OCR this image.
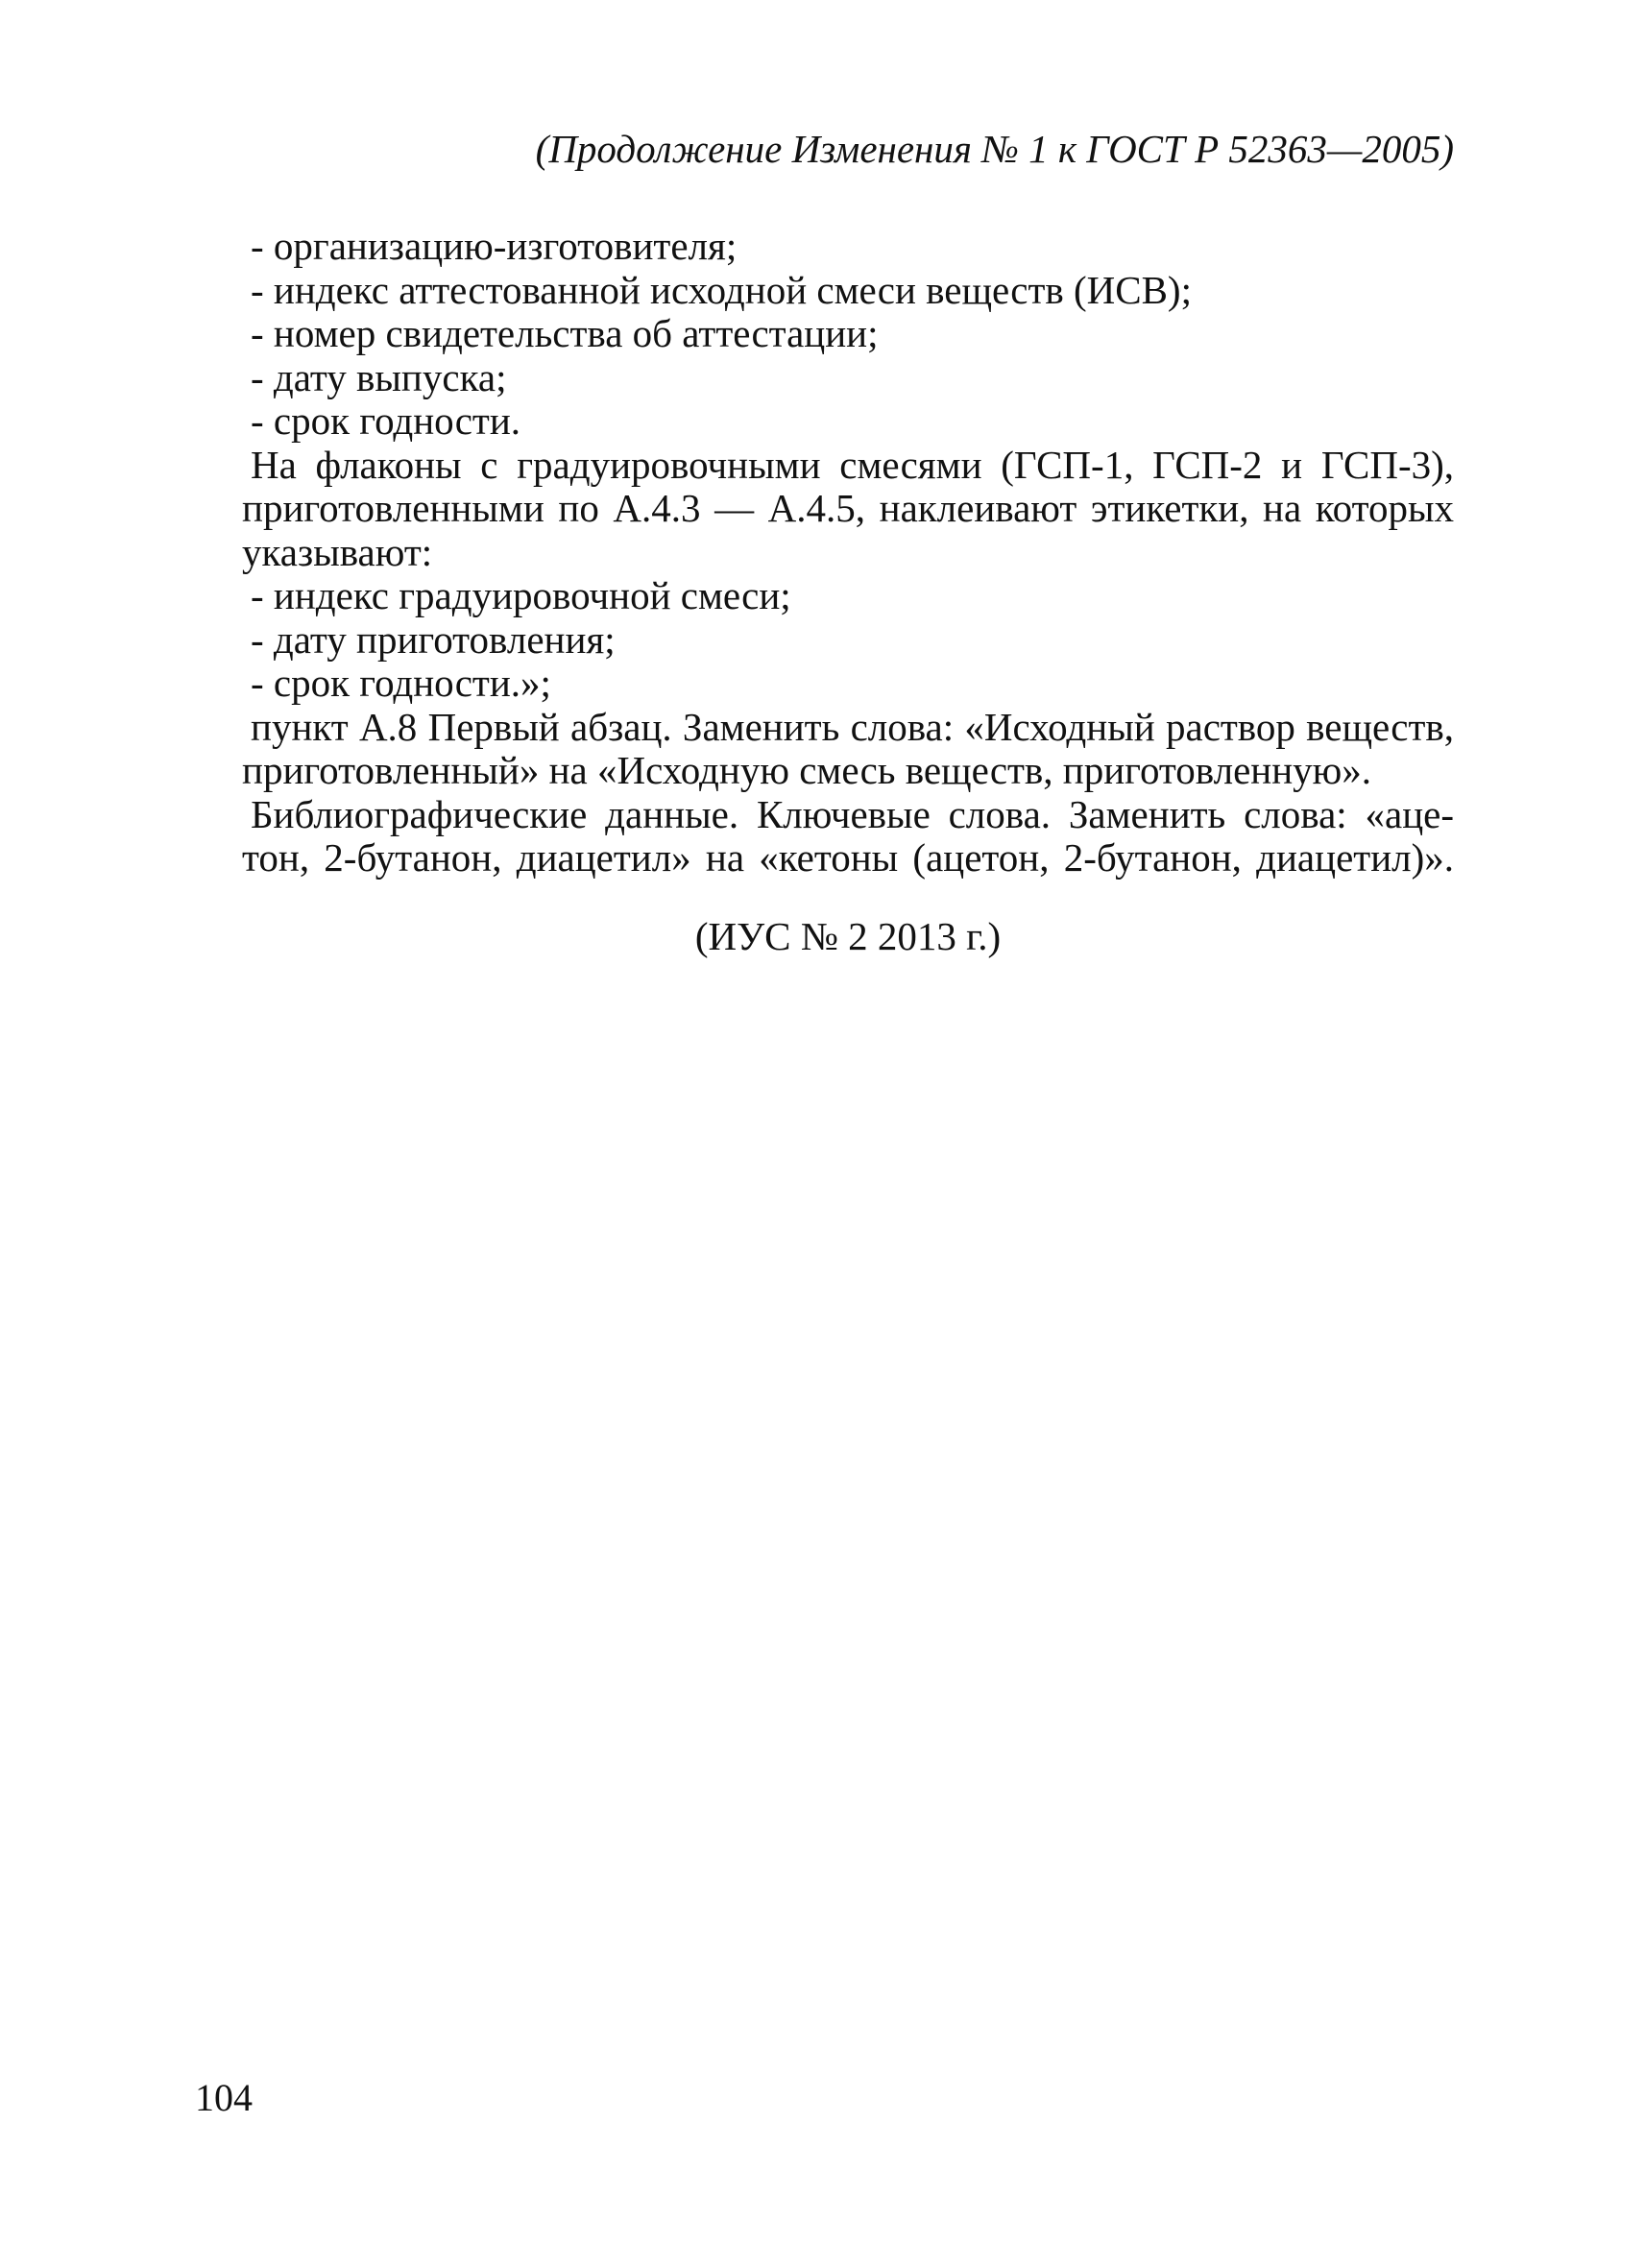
(Продолжение Изменения № 1 к ГОСТ Р 52363—2005)
- организацию-изготовителя;
- индекс аттестованной исходной смеси веществ (ИСВ);
- номер свидетельства об аттестации;
- дату выпуска;
- срок годности.
На флаконы с градуировочными смесями (ГСП-1, ГСП-2 и ГСП-3),
приготовленными по А.4.3 — А.4.5, наклеивают этикетки, на которых
указывают:
- индекс градуировочной смеси;
- дату приготовления;
- срок годности.»;
пункт А.8 Первый абзац. Заменить слова: «Исходный раствор веществ,
приготовленный» на «Исходную смесь веществ, приготовленную».
Библиографические данные. Ключевые слова. Заменить слова: «аце-
тон, 2-бутанон, диацетил» на «кетоны (ацетон, 2-бутанон, диацетил)».
(ИУС № 2 2013 г.)
104
